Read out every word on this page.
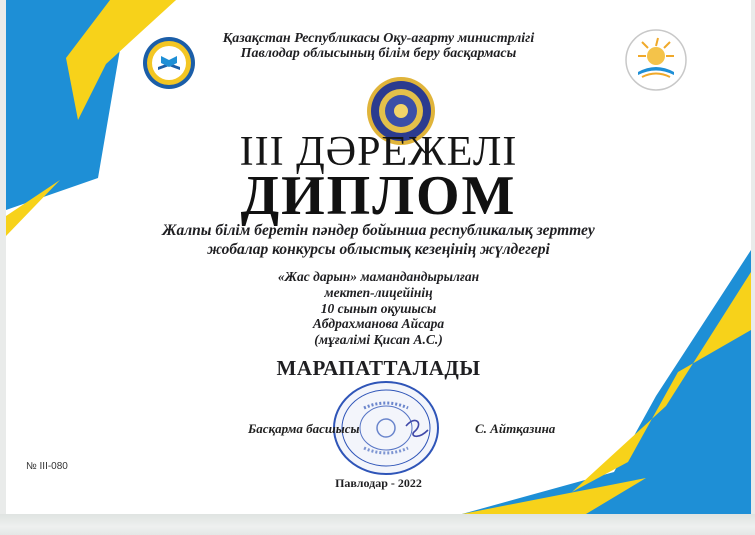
Қазақстан Республикасы Оқу-ағарту министрлігі
Павлодар облысының білім беру басқармасы
ІІІ ДӘРЕЖЕЛІ
ДИПЛОМ
Жалпы білім беретін пәндер бойынша республикалық зерттеу
жобалар конкурсы облыстық кезеңінің жүлдегері
«Жас дарын» мамандандырылған
мектеп-лицейінің
10 сынып оқушысы
Абдрахманова Айсара
(мұғалімі Қисап А.С.)
МАРАПАТТАЛАДЫ
Басқарма басшысы	С. Айтқазина
№ ІІІ-080
Павлодар - 2022
